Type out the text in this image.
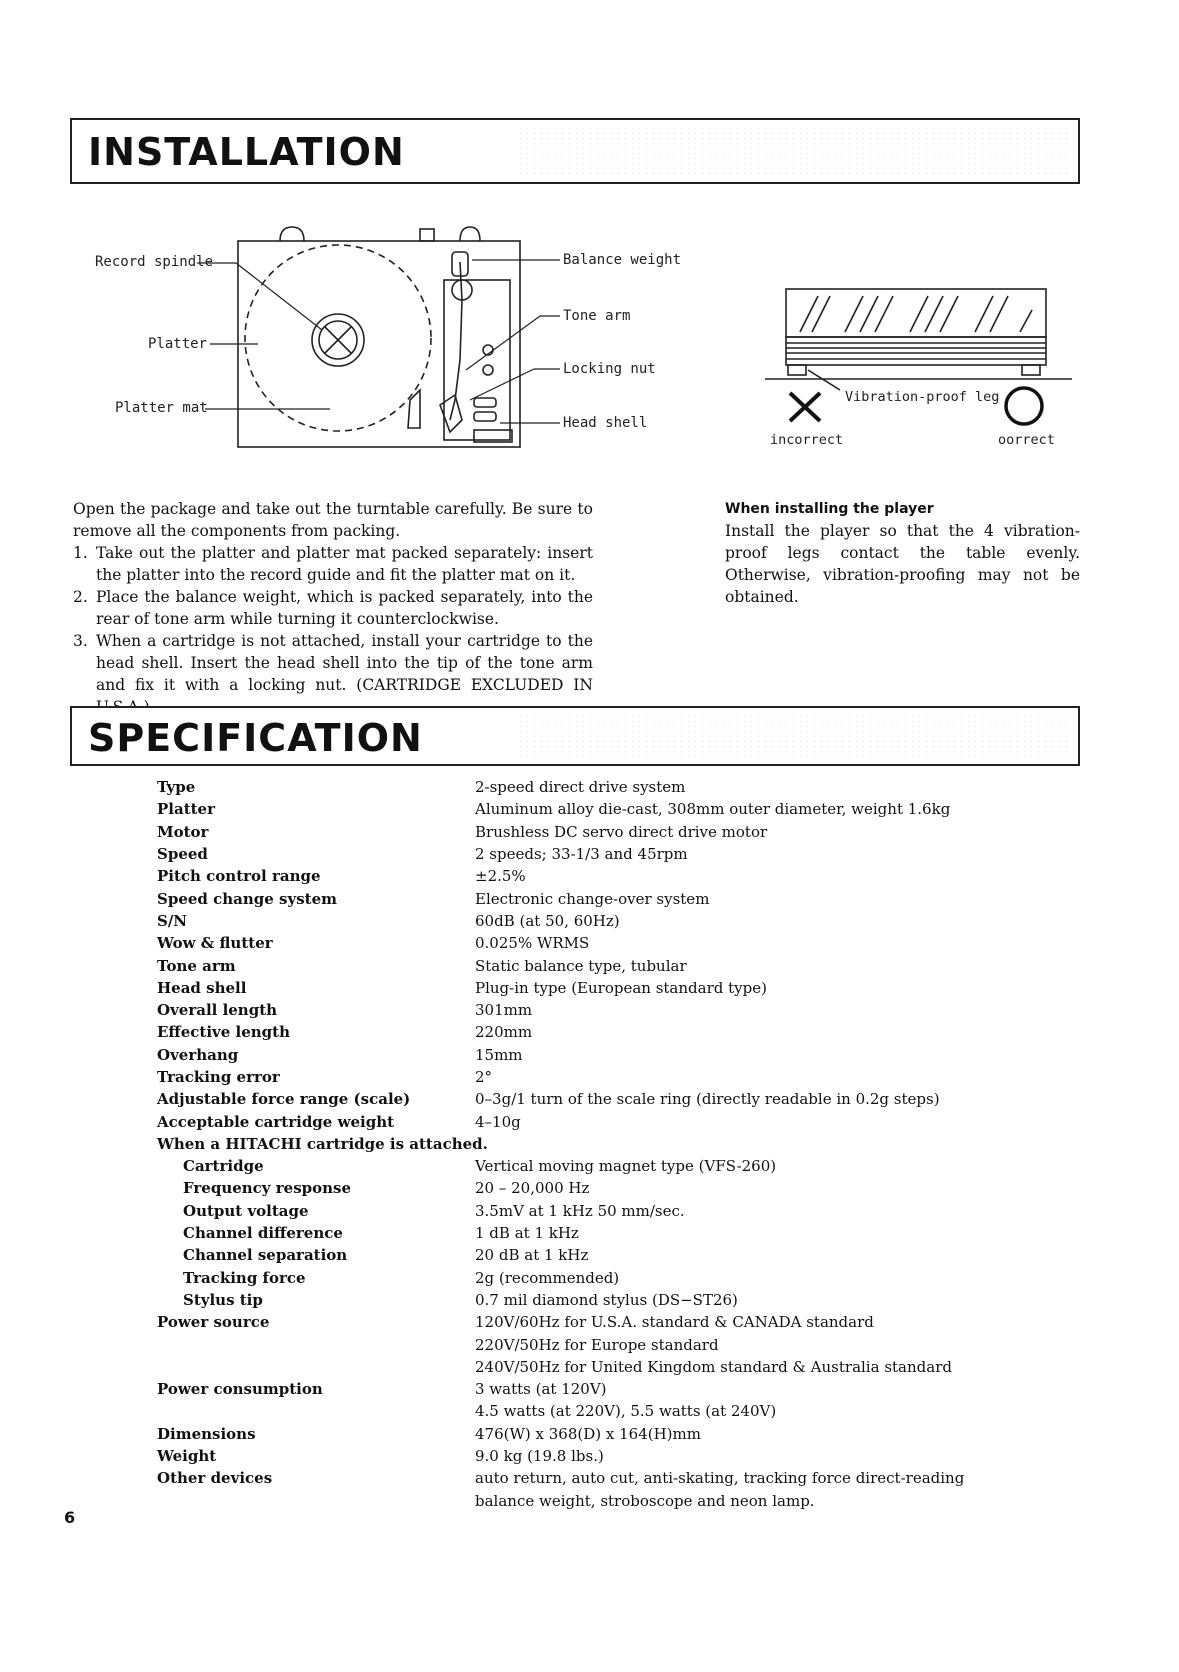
INSTALLATION
Record spindle
Platter
Platter mat
Balance weight
Tone arm
Locking nut
Head shell
Vibration-proof leg
incorrect	oorrect

Open the package and take out the turntable carefully. Be sure to remove all the components from packing.

1. Take out the platter and platter mat packed separately: insert the platter into the record guide and fit the platter mat on it.
2. Place the balance weight, which is packed separately, into the rear of tone arm while turning it counterclockwise.
3. When a cartridge is not attached, install your cartridge to the head shell. Insert the head shell into the tip of the tone arm and fix it with a locking nut. (CARTRIDGE EXCLUDED IN
When installing the player

Install the player so that the 4 vibration-proof legs contact the table evenly. Otherwise, vibration-proofing may not be obtained.

SPECIFICATION
Type	2-speed direct drive system
Platter	Aluminum alloy die-cast, 308mm outer diameter, weight 1.6kg
Motor	Brushless DC servo direct drive motor
Speed	2 speeds; 33-1/3 and 45rpm
Pitch control range	±2.5%
Speed change system	Electronic change-over system
S/N	60dB (at 50, 60Hz)
Wow & flutter	0.025% WRMS
Tone arm	Static balance type, tubular
Head shell	Plug-in type (European standard type)
Overall length	301mm
Effective length	220mm
Overhang	15mm
Tracking error	2°
Adjustable force range (scale)	0–3g/1 turn of the scale ring (directly readable in 0.2g steps)
Acceptable cartridge weight	4–10g
When a HITACHI cartridge is attached.
Cartridge	Vertical moving magnet type (VFS-260)
Frequency response	20 – 20,000 Hz
Output voltage	3.5mV at 1 kHz 50 mm/sec.
Channel difference	1 dB at 1 kHz
Channel separation	20 dB at 1 kHz
Tracking force	2g (recommended)
Stylus tip	0.7 mil diamond stylus (DS−ST26)
Power source	120V/60Hz for U.S.A. standard & CANADA standard
220V/50Hz for Europe standard
240V/50Hz for United Kingdom standard & Australia standard
Power consumption	3 watts (at 120V)
4.5 watts (at 220V), 5.5 watts (at 240V)
Dimensions	476(W) x 368(D) x 164(H)mm
Weight	9.0 kg (19.8 lbs.)
Other devices	auto return, auto cut, anti-skating, tracking force direct-reading
balance weight, stroboscope and neon lamp.
6
